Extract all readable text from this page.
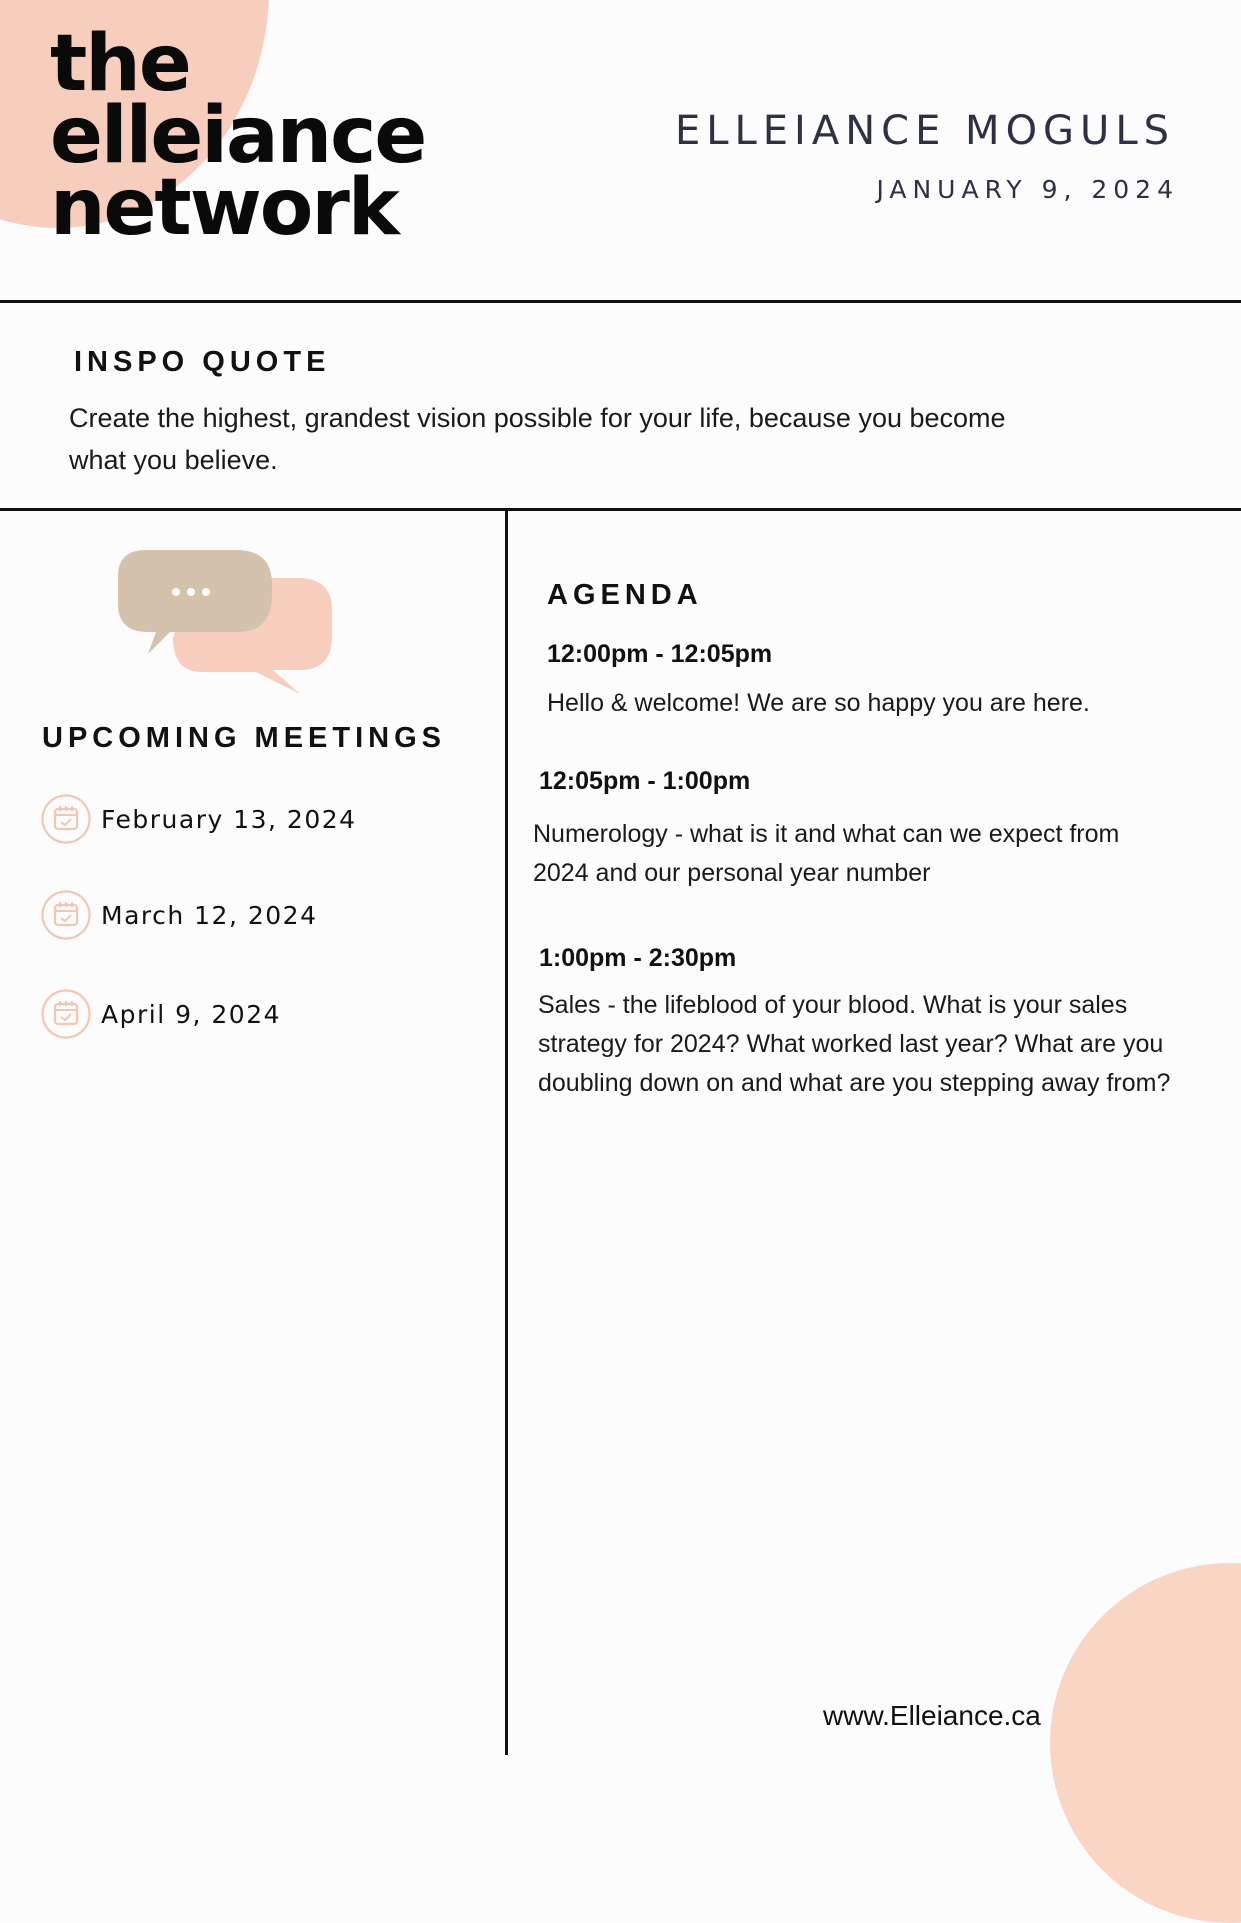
the
elleiance
network
ELLEIANCE MOGULS
JANUARY 9, 2024
INSPO QUOTE
Create the highest, grandest vision possible for your life, because you become what you believe.
UPCOMING MEETINGS
February 13, 2024
March 12, 2024
April 9, 2024
AGENDA
12:00pm - 12:05pm
Hello & welcome! We are so happy you are here.
12:05pm - 1:00pm
Numerology - what is it and what can we expect from 2024 and our personal year number
1:00pm - 2:30pm
Sales - the lifeblood of your blood. What is your sales strategy for 2024? What worked last year? What are you doubling down on and what are you stepping away from?
www.Elleiance.ca
